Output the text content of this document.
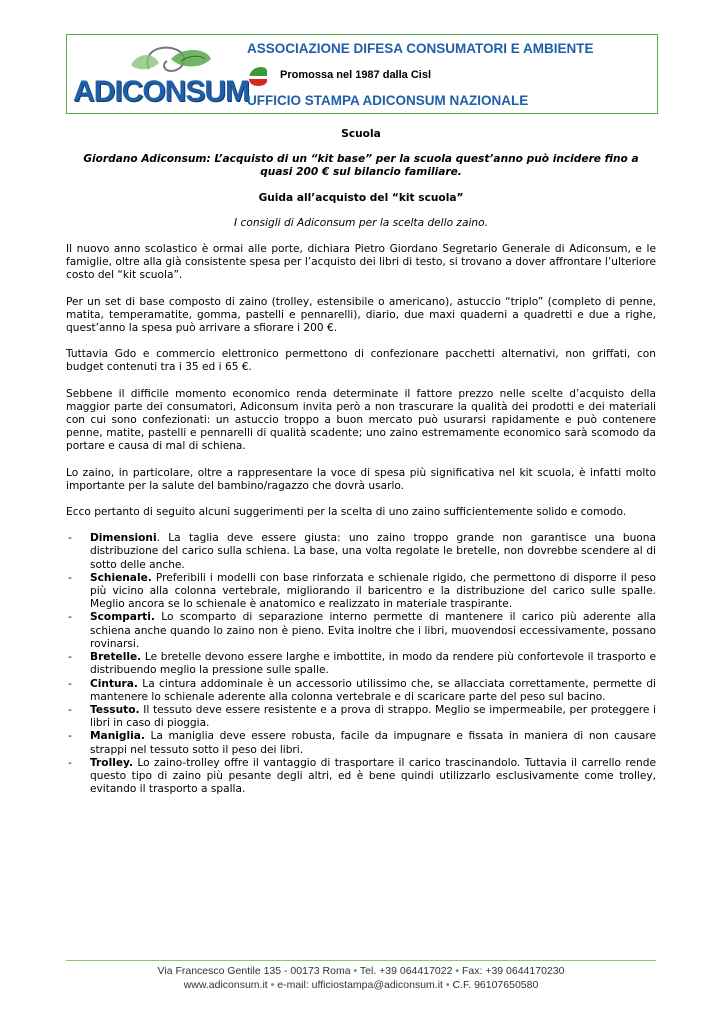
ADICONSUM
ASSOCIAZIONE DIFESA CONSUMATORI E AMBIENTE
Promossa nel 1987 dalla Cisl
UFFICIO STAMPA ADICONSUM NAZIONALE
Scuola
Giordano Adiconsum: L’acquisto di un “kit base” per la scuola quest’anno può incidere fino a quasi 200 € sul bilancio familiare.
Guida all’acquisto del “kit scuola”
I consigli di Adiconsum per la scelta dello zaino.

Il nuovo anno scolastico è ormai alle porte, dichiara Pietro Giordano Segretario Generale di Adiconsum, e le famiglie, oltre alla già consistente spesa per l’acquisto dei libri di testo, si trovano a dover affrontare l’ulteriore costo del “kit scuola”.

Per un set di base composto di zaino (trolley, estensibile o americano), astuccio “triplo” (completo di penne, matita, temperamatite, gomma, pastelli e pennarelli), diario, due maxi quaderni a quadretti e due a righe, quest’anno la spesa può arrivare a sfiorare i 200 €.

Tuttavia Gdo e commercio elettronico permettono di confezionare pacchetti alternativi, non griffati, con budget contenuti tra i 35 ed i 65 €.

Sebbene il difficile momento economico renda determinate il fattore prezzo nelle scelte d’acquisto della maggior parte dei consumatori, Adiconsum invita però a non trascurare la qualità dei prodotti e dei materiali con cui sono confezionati: un astuccio troppo a buon mercato può usurarsi rapidamente e può contenere penne, matite, pastelli e pennarelli di qualità scadente; uno zaino estremamente economico sarà scomodo da portare e causa di mal di schiena.

Lo zaino, in particolare, oltre a rappresentare la voce di spesa più significativa nel kit scuola, è infatti molto importante per la salute del bambino/ragazzo che dovrà usarlo.

Ecco pertanto di seguito alcuni suggerimenti per la scelta di uno zaino sufficientemente solido e comodo.

- Dimensioni. La taglia deve essere giusta: uno zaino troppo grande non garantisce una buona distribuzione del carico sulla schiena. La base, una volta regolate le bretelle, non dovrebbe scendere al di sotto delle anche.
- Schienale. Preferibili i modelli con base rinforzata e schienale rigido, che permettono di disporre il peso più vicino alla colonna vertebrale, migliorando il baricentro e la distribuzione del carico sulle spalle. Meglio ancora se lo schienale è anatomico e realizzato in materiale traspirante.
- Scomparti. Lo scomparto di separazione interno permette di mantenere il carico più aderente alla schiena anche quando lo zaino non è pieno. Evita inoltre che i libri, muovendosi eccessivamente, possano rovinarsi.
- Bretelle. Le bretelle devono essere larghe e imbottite, in modo da rendere più confortevole il trasporto e distribuendo meglio la pressione sulle spalle.
- Cintura. La cintura addominale è un accessorio utilissimo che, se allacciata correttamente, permette di mantenere lo schienale aderente alla colonna vertebrale e di scaricare parte del peso sul bacino.
- Tessuto. Il tessuto deve essere resistente e a prova di strappo. Meglio se impermeabile, per proteggere i libri in caso di pioggia.
- Maniglia. La maniglia deve essere robusta, facile da impugnare e fissata in maniera di non causare strappi nel tessuto sotto il peso dei libri.
- Trolley. Lo zaino-trolley offre il vantaggio di trasportare il carico trascinandolo. Tuttavia il carrello rende questo tipo di zaino più pesante degli altri, ed è bene quindi utilizzarlo esclusivamente come trolley, evitando il trasporto a spalla.
Via Francesco Gentile 135 - 00173 Roma • Tel. +39 064417022 • Fax: +39 0644170230
www.adiconsum.it • e-mail: ufficiostampa@adiconsum.it • C.F. 96107650580
